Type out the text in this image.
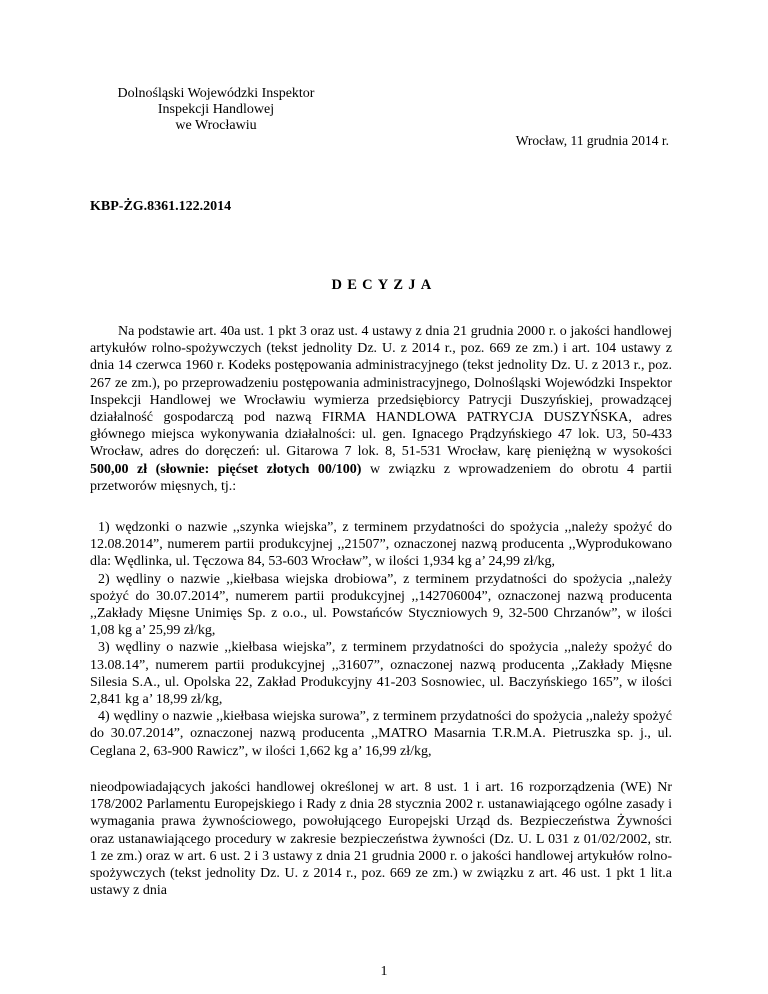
Dolnośląski Wojewódzki Inspektor
Inspekcji Handlowej
we Wrocławiu
Wrocław, 11 grudnia 2014 r.
KBP-ŻG.8361.122.2014
DECYZJA
Na podstawie art. 40a ust. 1 pkt 3 oraz ust. 4 ustawy z dnia 21 grudnia 2000 r. o jakości handlowej artykułów rolno-spożywczych (tekst jednolity Dz. U. z 2014 r., poz. 669 ze zm.) i art. 104 ustawy z dnia 14 czerwca 1960 r. Kodeks postępowania administracyjnego (tekst jednolity Dz. U. z 2013 r., poz. 267 ze zm.), po przeprowadzeniu postępowania administracyjnego, Dolnośląski Wojewódzki Inspektor Inspekcji Handlowej we Wrocławiu wymierza przedsiębiorcy Patrycji Duszyńskiej, prowadzącej działalność gospodarczą pod nazwą FIRMA HANDLOWA PATRYCJA DUSZYŃSKA, adres głównego miejsca wykonywania działalności: ul. gen. Ignacego Prądzyńskiego 47 lok. U3, 50-433 Wrocław, adres do doręczeń: ul. Gitarowa 7 lok. 8, 51-531 Wrocław, karę pieniężną w wysokości 500,00 zł (słownie: pięćset złotych 00/100) w związku z wprowadzeniem do obrotu 4 partii przetworów mięsnych, tj.:
1) wędzonki o nazwie ,,szynka wiejska”, z terminem przydatności do spożycia ,,należy spożyć do 12.08.2014”, numerem partii produkcyjnej ,,21507”, oznaczonej nazwą producenta ,,Wyprodukowano dla: Wędlinka, ul. Tęczowa 84, 53-603 Wrocław”, w ilości 1,934 kg a’ 24,99 zł/kg,
2) wędliny o nazwie ,,kiełbasa wiejska drobiowa”, z terminem przydatności do spożycia ,,należy spożyć do 30.07.2014”, numerem partii produkcyjnej ,,142706004”, oznaczonej nazwą producenta ,,Zakłady Mięsne Unimięs Sp. z o.o., ul. Powstańców Styczniowych 9, 32-500 Chrzanów”, w ilości 1,08 kg a’ 25,99 zł/kg,
3) wędliny o nazwie ,,kiełbasa wiejska”, z terminem przydatności do spożycia ,,należy spożyć do 13.08.14”, numerem partii produkcyjnej ,,31607”, oznaczonej nazwą producenta ,,Zakłady Mięsne Silesia S.A., ul. Opolska 22, Zakład Produkcyjny 41-203 Sosnowiec, ul. Baczyńskiego 165”, w ilości 2,841 kg a’ 18,99 zł/kg,
4) wędliny o nazwie ,,kiełbasa wiejska surowa”, z terminem przydatności do spożycia ,,należy spożyć do 30.07.2014”, oznaczonej nazwą producenta ,,MATRO Masarnia T.R.M.A. Pietruszka sp. j., ul. Ceglana 2, 63-900 Rawicz”, w ilości 1,662 kg a’ 16,99 zł/kg,
nieodpowiadających jakości handlowej określonej w art. 8 ust. 1 i art. 16 rozporządzenia (WE) Nr 178/2002 Parlamentu Europejskiego i Rady z dnia 28 stycznia 2002 r. ustanawiającego ogólne zasady i wymagania prawa żywnościowego, powołującego Europejski Urząd ds. Bezpieczeństwa Żywności oraz ustanawiającego procedury w zakresie bezpieczeństwa żywności (Dz. U. L 031 z 01/02/2002, str. 1 ze zm.) oraz w art. 6 ust. 2 i 3 ustawy z dnia 21 grudnia 2000 r. o jakości handlowej artykułów rolno-spożywczych (tekst jednolity Dz. U. z 2014 r., poz. 669 ze zm.) w związku z art. 46 ust. 1 pkt 1 lit.a ustawy z dnia
1
